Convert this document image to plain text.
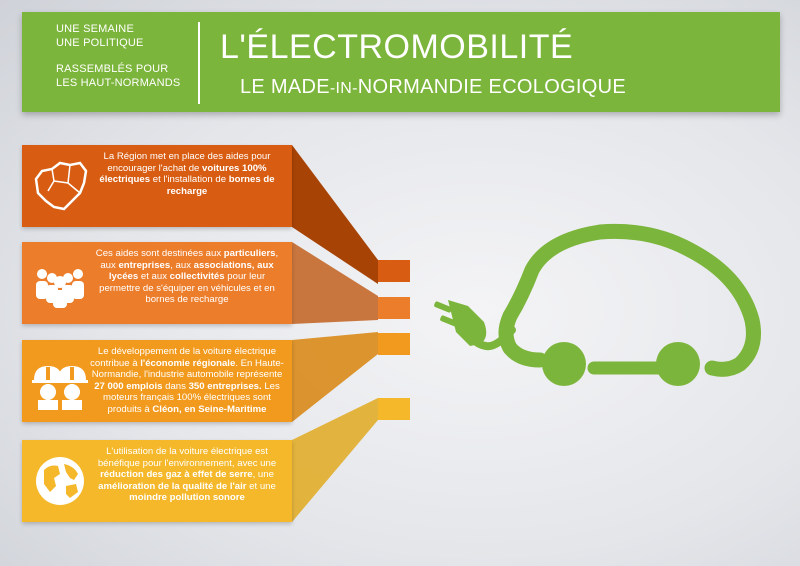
UNE SEMAINE
UNE POLITIQUE
RASSEMBLÉS POUR
LES HAUT-NORMANDS
L'ÉLECTROMOBILITÉ
LE MADE-IN-NORMANDIE ECOLOGIQUE
La Région met en place des aides pour encourager l'achat de voitures 100% électriques et l'installation de bornes de recharge
Ces aides sont destinées aux particuliers, aux entreprises, aux associations, aux lycées et aux collectivités pour leur permettre de s'équiper en véhicules et en bornes de recharge
Le développement de la voiture électrique contribue à l'économie régionale. En Haute- Normandie, l'industrie automobile représente 27 000 emplois dans 350 entreprises. Les moteurs français 100% électriques sont produits à Cléon, en Seine-Maritime
L'utilisation de la voiture électrique est bénéfique pour l'environnement, avec une réduction des gaz à effet de serre, une amélioration de la qualité de l'air et une moindre pollution sonore
